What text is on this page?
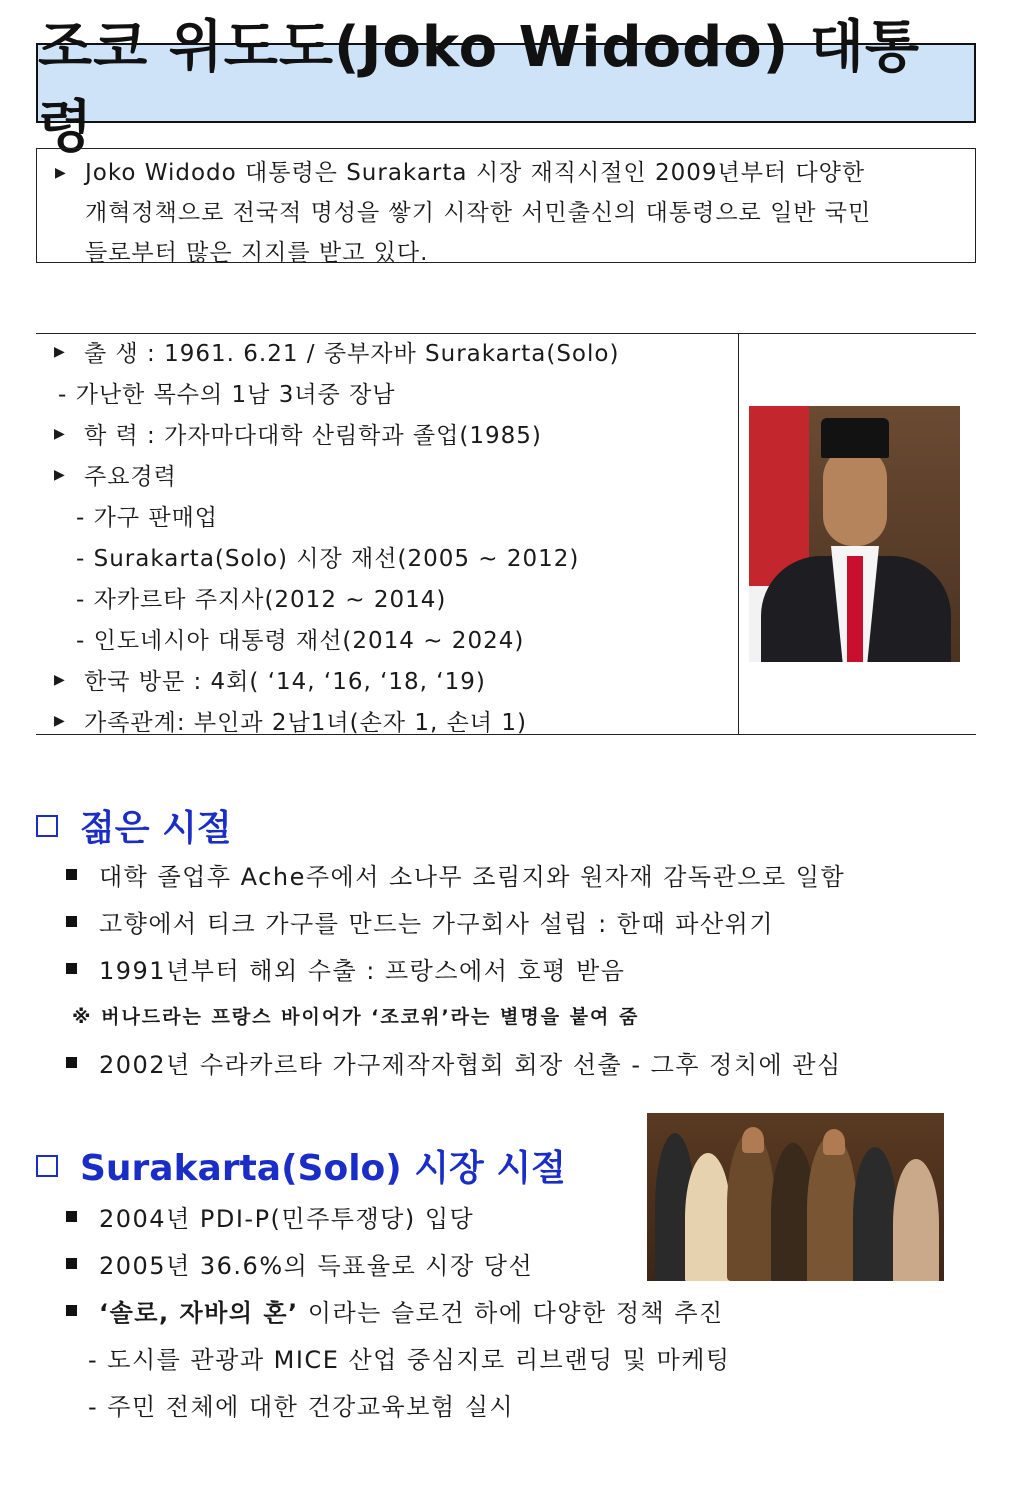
조코 위도도(Joko Widodo) 대통령
▶ Joko Widodo 대통령은 Surakarta 시장 재직시절인 2009년부터 다양한
개혁정책으로 전국적 명성을 쌓기 시작한 서민출신의 대통령으로 일반 국민
들로부터 많은 지지를 받고 있다.
▶ 출 생 : 1961. 6.21 / 중부자바 Surakarta(Solo)
- 가난한 목수의 1남 3녀중 장남
▶ 학 력 : 가자마다대학 산림학과 졸업(1985)
▶ 주요경력
- 가구 판매업
- Surakarta(Solo) 시장 재선(2005 ~ 2012)
- 자카르타 주지사(2012 ~ 2014)
- 인도네시아 대통령 재선(2014 ~ 2024)
▶ 한국 방문 : 4회( ‘14, ‘16, ‘18, ‘19)
▶ 가족관계: 부인과 2남1녀(손자 1, 손녀 1)
젊은 시절
대학 졸업후 Ache주에서 소나무 조림지와 원자재 감독관으로 일함
고향에서 티크 가구를 만드는 가구회사 설립 : 한때 파산위기
1991년부터 해외 수출 : 프랑스에서 호평 받음
※ 버나드라는 프랑스 바이어가 ‘조코위’라는 별명을 붙여 줌
2002년 수라카르타 가구제작자협회 회장 선출 - 그후 정치에 관심
Surakarta(Solo) 시장 시절
2004년 PDI-P(민주투쟁당) 입당
2005년 36.6%의 득표율로 시장 당선
‘솔로, 자바의 혼’ 이라는 슬로건 하에 다양한 정책 추진
- 도시를 관광과 MICE 산업 중심지로 리브랜딩 및 마케팅
- 주민 전체에 대한 건강교육보험 실시
